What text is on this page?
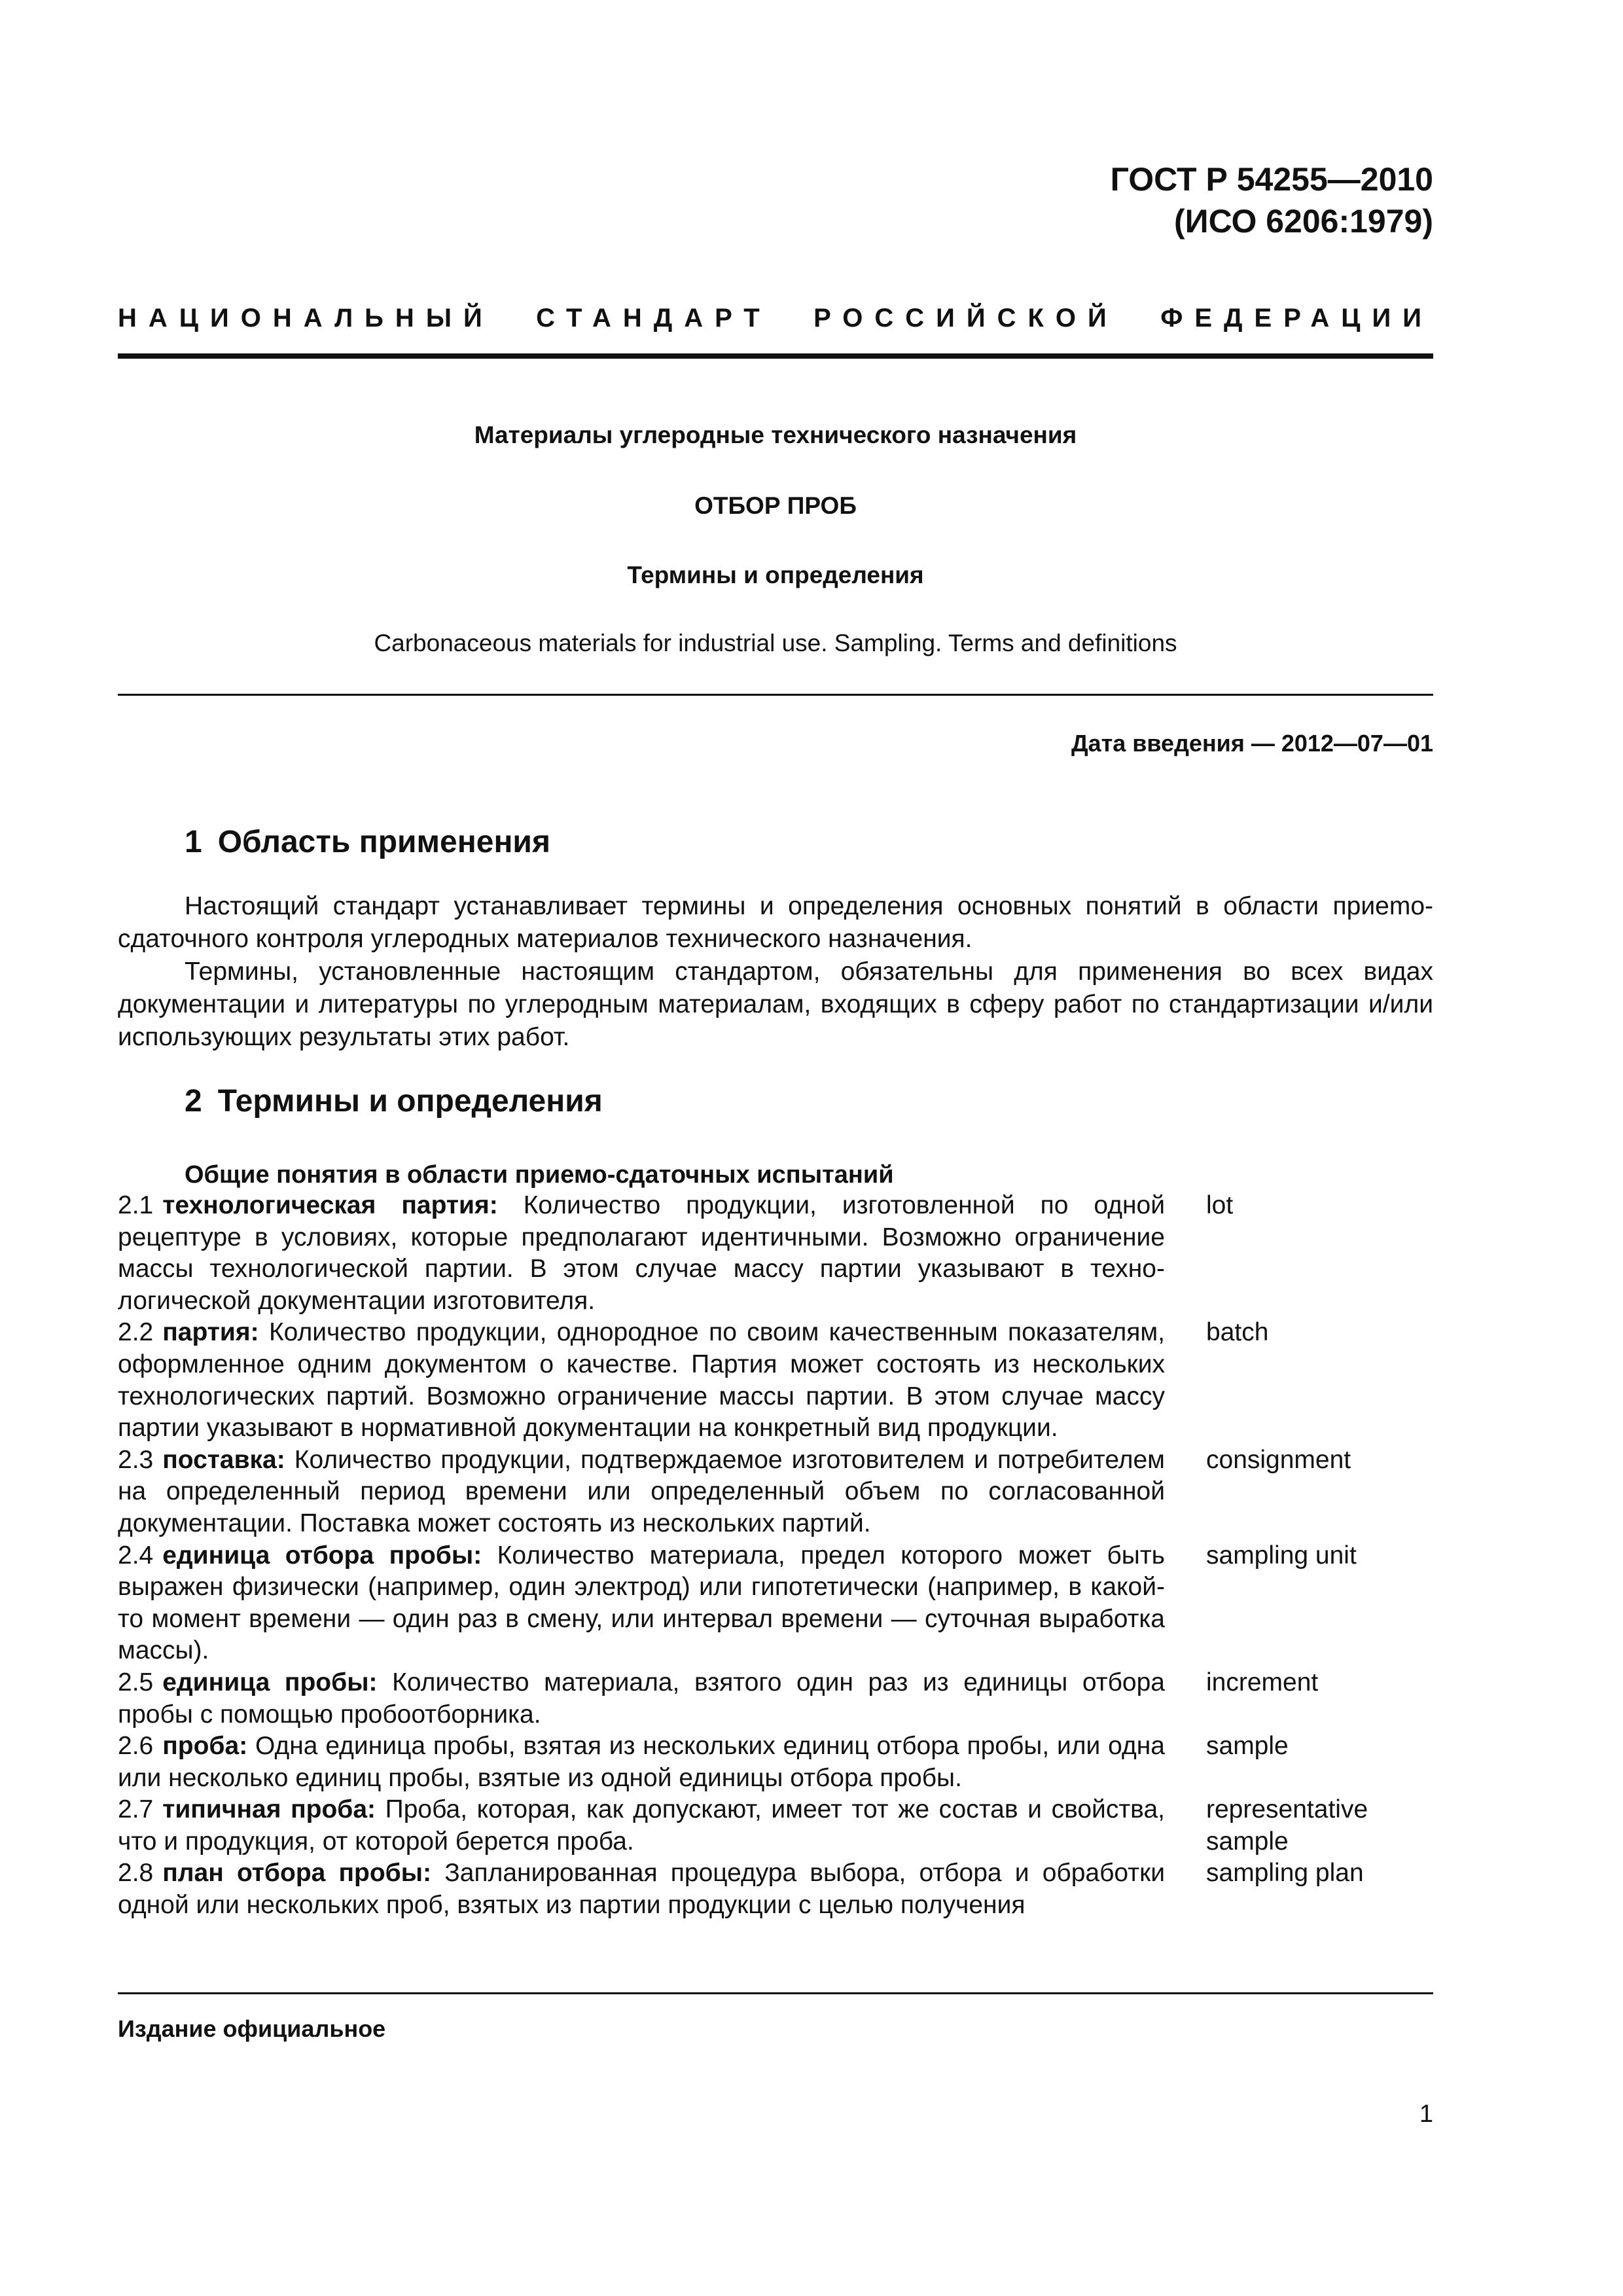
ГОСТ Р 54255—2010
(ИСО 6206:1979)
НАЦИОНАЛЬНЫЙ СТАНДАРТ РОССИЙСКОЙ ФЕДЕРАЦИИ
Материалы углеродные технического назначения
ОТБОР ПРОБ
Термины и определения
Carbonaceous materials for industrial use. Sampling. Terms and definitions
Дата введения — 2012—07—01
1 Область применения
Настоящий стандарт устанавливает термины и определения основных понятий в области приеmo-сдаточного контроля углеродных материалов технического назначения.
Термины, установленные настоящим стандартом, обязательны для применения во всех видах документации и литературы по углеродным материалам, входящих в сферу работ по стандартизации и/или использующих результаты этих работ.
2 Термины и определения
Общие понятия в области приемо-сдаточных испытаний
2.1 технологическая партия: Количество продукции, изготовленной по одной рецептуре в условиях, которые предполагают идентичными. Возможно ограничение массы технологической партии. В этом случае массу партии указывают в технологической документации изготовителя.
lot
2.2 партия: Количество продукции, однородное по своим качественным показателям, оформленное одним документом о качестве. Партия может состоять из нескольких технологических партий. Возможно ограничение массы партии. В этом случае массу партии указывают в нормативной документации на конкретный вид продукции.
batch
2.3 поставка: Количество продукции, подтверждаемое изготовителем и потребителем на определенный период времени или определенный объем по согласованной документации. Поставка может состоять из нескольких партий.
consignment
2.4 единица отбора пробы: Количество материала, предел которого может быть выражен физически (например, один электрод) или гипотетически (например, в какой-то момент времени — один раз в смену, или интервал времени — суточная выработка массы).
sampling unit
2.5 единица пробы: Количество материала, взятого один раз из единицы отбора пробы с помощью пробоотборника.
increment
2.6 проба: Одна единица пробы, взятая из нескольких единиц отбора пробы, или одна или несколько единиц пробы, взятые из одной единицы отбора пробы.
sample
2.7 типичная проба: Проба, которая, как допускают, имеет тот же состав и свойства, что и продукция, от которой берется проба.
representative sample
2.8 план отбора пробы: Запланированная процедура выбора, отбора и обработки одной или нескольких проб, взятых из партии продукции с целью получения
sampling plan
Издание официальное
1
